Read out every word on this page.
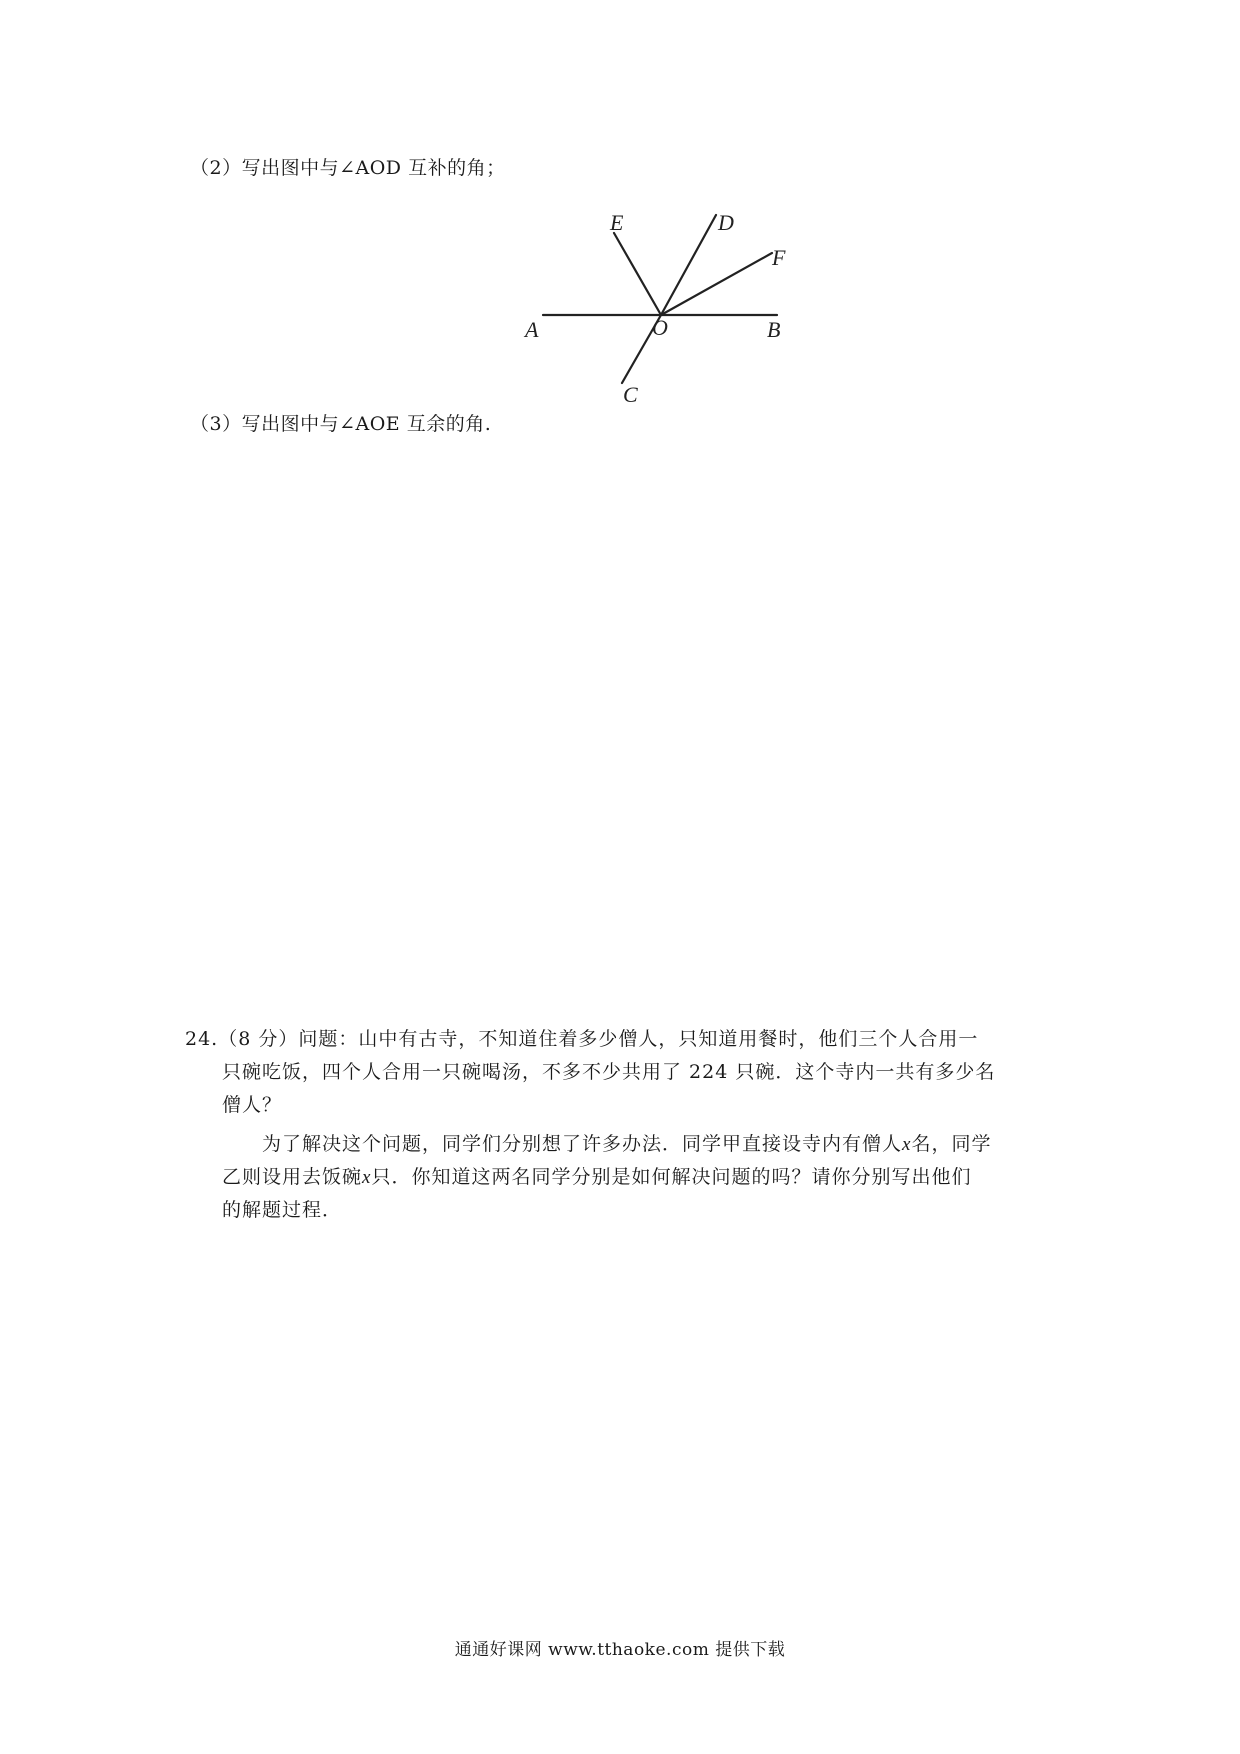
（2）写出图中与∠AOD 互补的角；
A	B
C
D
E
F
O
（3）写出图中与∠AOE 互余的角.
24.（8 分）问题：山中有古寺，不知道住着多少僧人，只知道用餐时，他们三个人合用一
只碗吃饭，四个人合用一只碗喝汤，不多不少共用了 224 只碗．这个寺内一共有多少名
僧人？
为了解决这个问题，同学们分别想了许多办法．同学甲直接设寺内有僧人x名，同学
乙则设用去饭碗x只．你知道这两名同学分别是如何解决问题的吗？请你分别写出他们
的解题过程．
通通好课网 www.tthaoke.com 提供下载
